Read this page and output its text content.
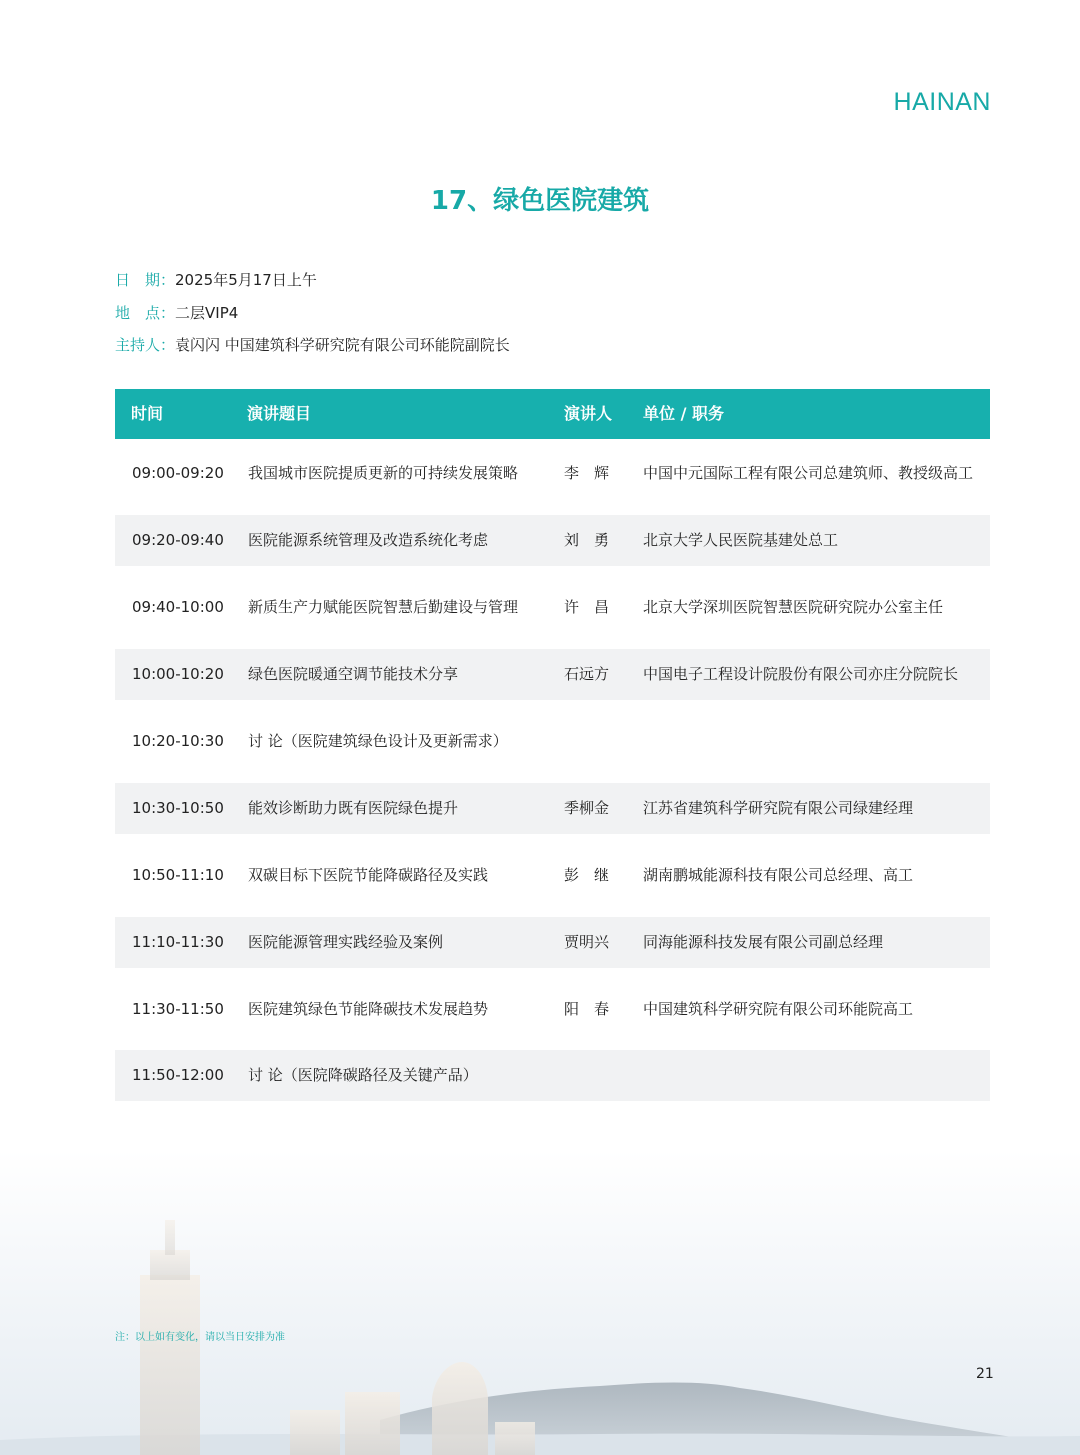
HAINAN
17、绿色医院建筑
日　期：2025年5月17日上午
地　点：二层VIP4
主持人：袁闪闪 中国建筑科学研究院有限公司环能院副院长
时间	演讲题目	演讲人 单位 / 职务
09:00-09:20 我国城市医院提质更新的可持续发展策略	李　辉 中国中元国际工程有限公司总建筑师、教授级高工
09:20-09:40 医院能源系统管理及改造系统化考虑	刘　勇 北京大学人民医院基建处总工
09:40-10:00 新质生产力赋能医院智慧后勤建设与管理	许　昌 北京大学深圳医院智慧医院研究院办公室主任
10:00-10:20 绿色医院暖通空调节能技术分享	石远方 中国电子工程设计院股份有限公司亦庄分院院长
10:20-10:30 讨 论（医院建筑绿色设计及更新需求）
10:30-10:50 能效诊断助力既有医院绿色提升	季柳金 江苏省建筑科学研究院有限公司绿建经理
10:50-11:10 双碳目标下医院节能降碳路径及实践	彭　继 湖南鹏城能源科技有限公司总经理、高工
11:10-11:30 医院能源管理实践经验及案例	贾明兴 同海能源科技发展有限公司副总经理
11:30-11:50 医院建筑绿色节能降碳技术发展趋势	阳　春 中国建筑科学研究院有限公司环能院高工
11:50-12:00 讨 论（医院降碳路径及关键产品）
注：以上如有变化，请以当日安排为准
21
